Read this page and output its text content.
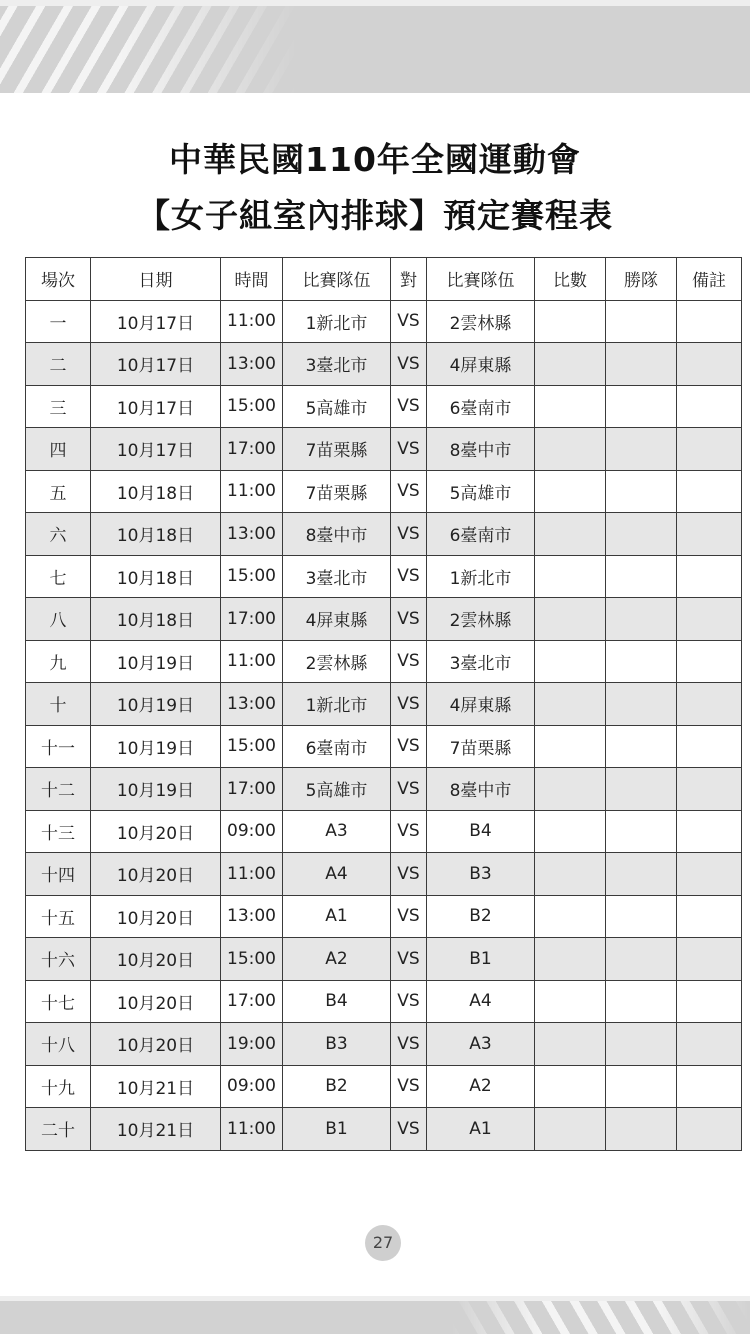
中華民國110年全國運動會
【女子組室內排球】預定賽程表
場次	日期	時間	比賽隊伍	對	比賽隊伍	比數	勝隊	備註
一	10月17日	11:00	1新北市	VS	2雲林縣			
二	10月17日	13:00	3臺北市	VS	4屏東縣			
三	10月17日	15:00	5高雄市	VS	6臺南市			
四	10月17日	17:00	7苗栗縣	VS	8臺中市			
五	10月18日	11:00	7苗栗縣	VS	5高雄市			
六	10月18日	13:00	8臺中市	VS	6臺南市			
七	10月18日	15:00	3臺北市	VS	1新北市			
八	10月18日	17:00	4屏東縣	VS	2雲林縣			
九	10月19日	11:00	2雲林縣	VS	3臺北市			
十	10月19日	13:00	1新北市	VS	4屏東縣			
十一	10月19日	15:00	6臺南市	VS	7苗栗縣			
十二	10月19日	17:00	5高雄市	VS	8臺中市			
十三	10月20日	09:00	A3	VS	B4			
十四	10月20日	11:00	A4	VS	B3			
十五	10月20日	13:00	A1	VS	B2			
十六	10月20日	15:00	A2	VS	B1			
十七	10月20日	17:00	B4	VS	A4			
十八	10月20日	19:00	B3	VS	A3			
十九	10月21日	09:00	B2	VS	A2			
二十	10月21日	11:00	B1	VS	A1			
27
